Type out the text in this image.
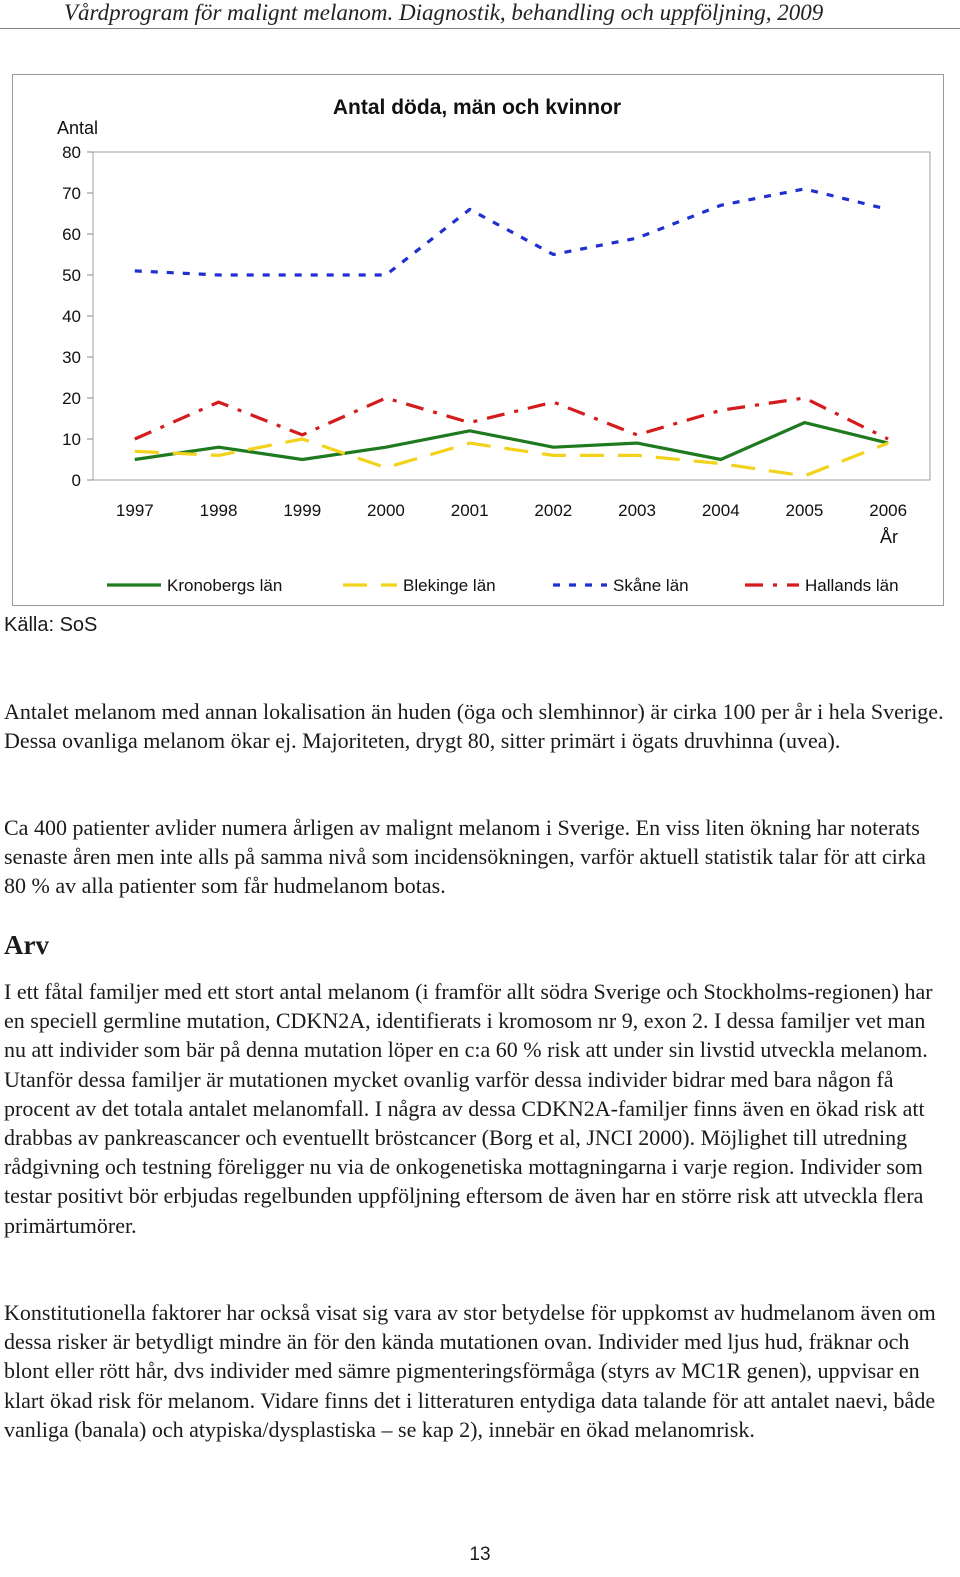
Vårdprogram för malignt melanom. Diagnostik, behandling och uppföljning, 2009
Antal döda, män och kvinnor
Antal
0
10
20
30
40
50
60
70
80
1997	1998	1999	2000	2001	2002	2003	2004	2005	2006
År
Kronobergs län	Blekinge län	Skåne län	Hallands län
Källa: SoS

Antalet melanom med annan lokalisation än huden (öga och slemhinnor) är cirka 100 per år i hela Sverige. Dessa ovanliga melanom ökar ej. Majoriteten, drygt 80, sitter primärt i ögats druvhinna (uvea).

Ca 400 patienter avlider numera årligen av malignt melanom i Sverige. En viss liten ökning har noterats senaste åren men inte alls på samma nivå som incidensökningen, varför aktuell statistik talar för att cirka 80 % av alla patienter som får hudmelanom botas.

Arv

I ett fåtal familjer med ett stort antal melanom (i framför allt södra Sverige och Stockholms-regionen) har en speciell germline mutation, CDKN2A, identifierats i kromosom nr 9, exon 2. I dessa familjer vet man nu att individer som bär på denna mutation löper en c:a 60 % risk att under sin livstid utveckla melanom. Utanför dessa familjer är mutationen mycket ovanlig varför dessa individer bidrar med bara någon få procent av det totala antalet melanomfall. I några av dessa CDKN2A-familjer finns även en ökad risk att drabbas av pankreascancer och eventuellt bröstcancer (Borg et al, JNCI 2000). Möjlighet till utredning rådgivning och testning föreligger nu via de onkogenetiska mottagningarna i varje region. Individer som testar positivt bör erbjudas regelbunden uppföljning eftersom de även har en större risk att utveckla flera primärtumörer.

Konstitutionella faktorer har också visat sig vara av stor betydelse för uppkomst av hudmelanom även om dessa risker är betydligt mindre än för den kända mutationen ovan. Individer med ljus hud, fräknar och blont eller rött hår, dvs individer med sämre pigmenteringsförmåga (styrs av MC1R genen), uppvisar en klart ökad risk för melanom. Vidare finns det i litteraturen entydiga data talande för att antalet naevi, både vanliga (banala) och atypiska/dysplastiska – se kap 2), innebär en ökad melanomrisk.

13
